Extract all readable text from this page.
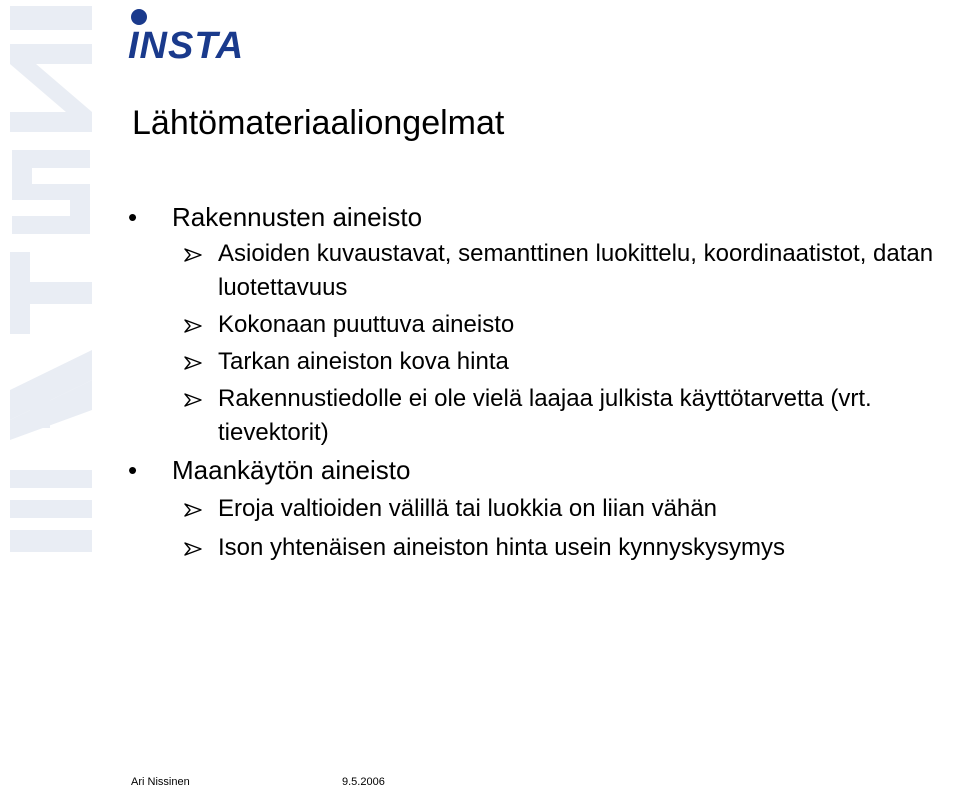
INSTA
Lähtömateriaaliongelmat

• Rakennusten aineisto

Asioiden kuvaustavat, semanttinen luokittelu, koordinaatistot, datan luotettavuus

Kokonaan puuttuva aineisto

Tarkan aineiston kova hinta

Rakennustiedolle ei ole vielä laajaa julkista käyttötarvetta (vrt. tievektorit)

• Maankäytön aineisto

Eroja valtioiden välillä tai luokkia on liian vähän

Ison yhtenäisen aineiston hinta usein kynnyskysymys

Ari Nissinen	9.5.2006
